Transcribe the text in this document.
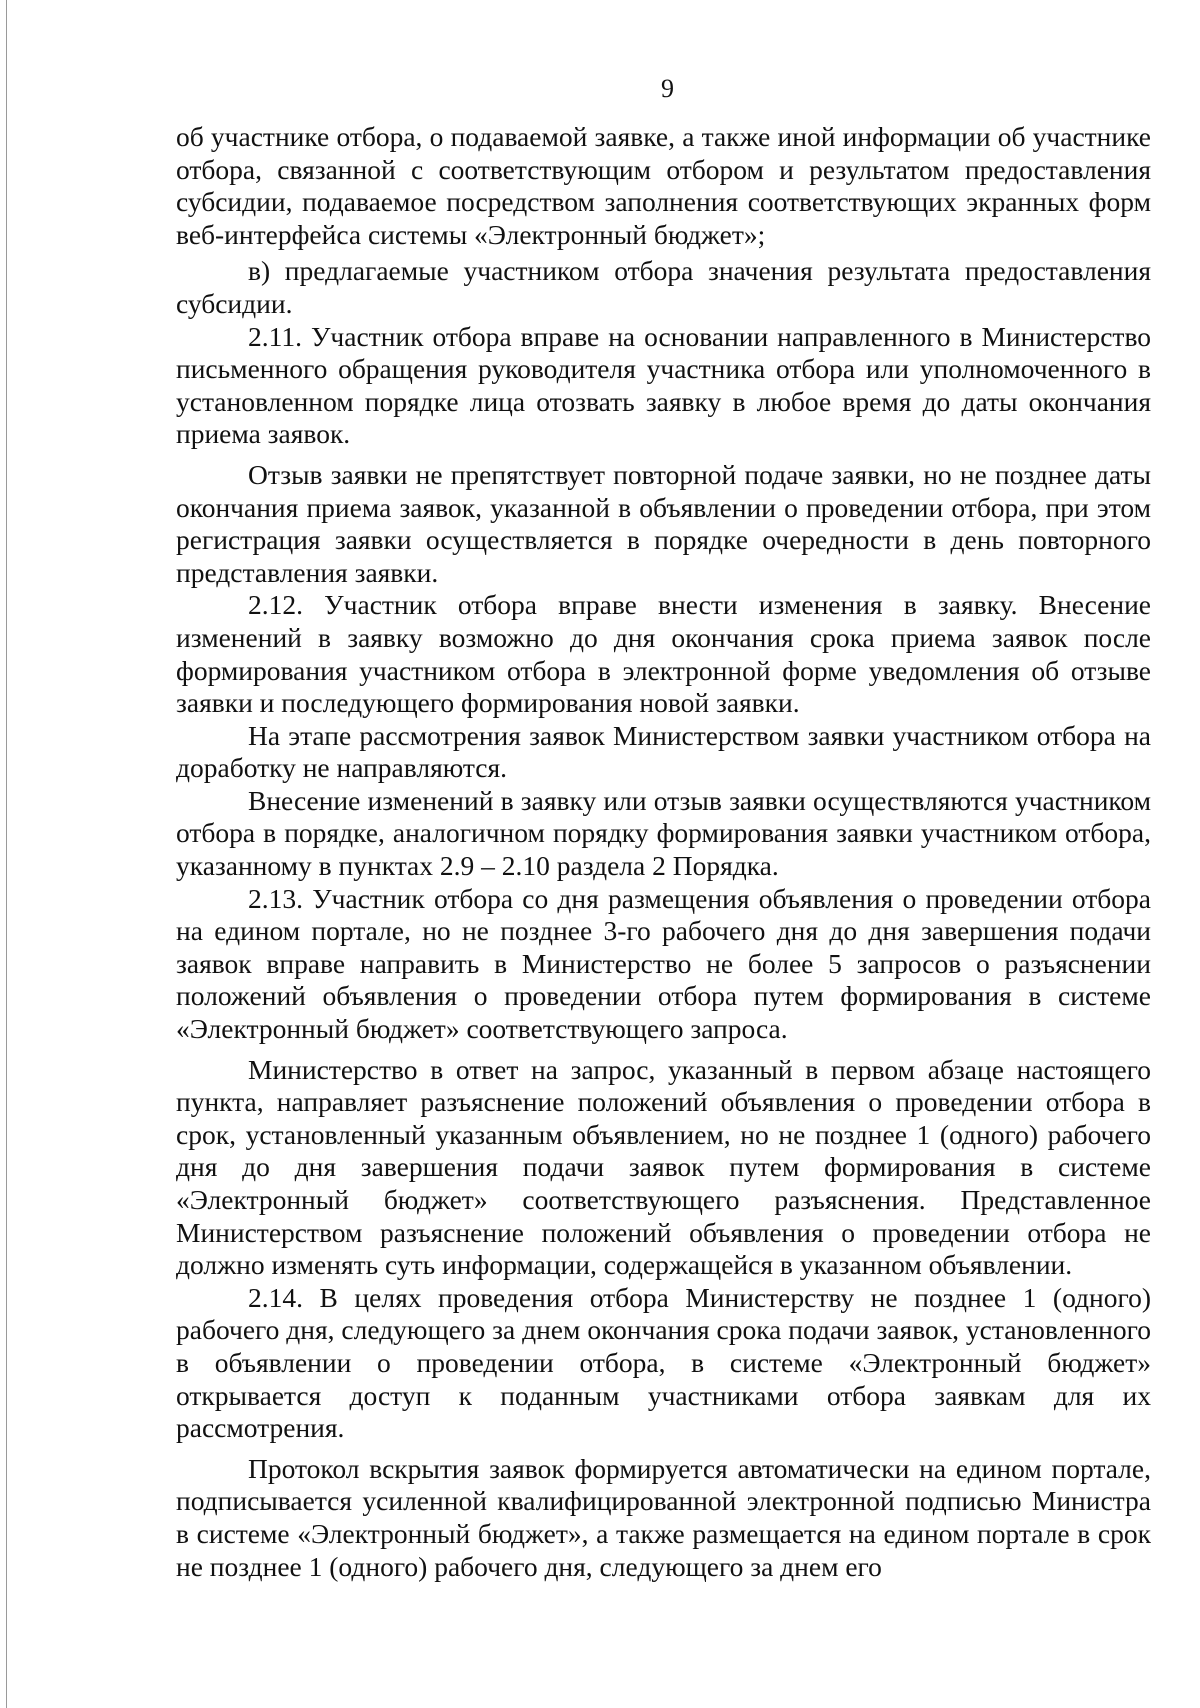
9

об участнике отбора, о подаваемой заявке, а также иной информации об участнике отбора, связанной с соответствующим отбором и результатом предоставления субсидии, подаваемое посредством заполнения соответствующих экранных форм веб-интерфейса системы «Электронный бюджет»;

в) предлагаемые участником отбора значения результата предоставления субсидии.

2.11. Участник отбора вправе на основании направленного в Министерство письменного обращения руководителя участника отбора или уполномоченного в установленном порядке лица отозвать заявку в любое время до даты окончания приема заявок.

Отзыв заявки не препятствует повторной подаче заявки, но не позднее даты окончания приема заявок, указанной в объявлении о проведении отбора, при этом регистрация заявки осуществляется в порядке очередности в день повторного представления заявки.

2.12. Участник отбора вправе внести изменения в заявку. Внесение изменений в заявку возможно до дня окончания срока приема заявок после формирования участником отбора в электронной форме уведомления об отзыве заявки и последующего формирования новой заявки.

На этапе рассмотрения заявок Министерством заявки участником отбора на доработку не направляются.

Внесение изменений в заявку или отзыв заявки осуществляются участником отбора в порядке, аналогичном порядку формирования заявки участником отбора, указанному в пунктах 2.9 – 2.10 раздела 2 Порядка.

2.13. Участник отбора со дня размещения объявления о проведении отбора на едином портале, но не позднее 3-го рабочего дня до дня завершения подачи заявок вправе направить в Министерство не более 5 запросов о разъяснении положений объявления о проведении отбора путем формирования в системе «Электронный бюджет» соответствующего запроса.

Министерство в ответ на запрос, указанный в первом абзаце настоящего пункта, направляет разъяснение положений объявления о проведении отбора в срок, установленный указанным объявлением, но не позднее 1 (одного) рабочего дня до дня завершения подачи заявок путем формирования в системе «Электронный бюджет» соответствующего разъяснения. Представленное Министерством разъяснение положений объявления о проведении отбора не должно изменять суть информации, содержащейся в указанном объявлении.

2.14. В целях проведения отбора Министерству не позднее 1 (одного) рабочего дня, следующего за днем окончания срока подачи заявок, установленного в объявлении о проведении отбора, в системе «Электронный бюджет» открывается доступ к поданным участниками отбора заявкам для их рассмотрения.

Протокол вскрытия заявок формируется автоматически на едином портале, подписывается усиленной квалифицированной электронной подписью Министра в системе «Электронный бюджет», а также размещается на едином портале в срок не позднее 1 (одного) рабочего дня, следующего за днем его
